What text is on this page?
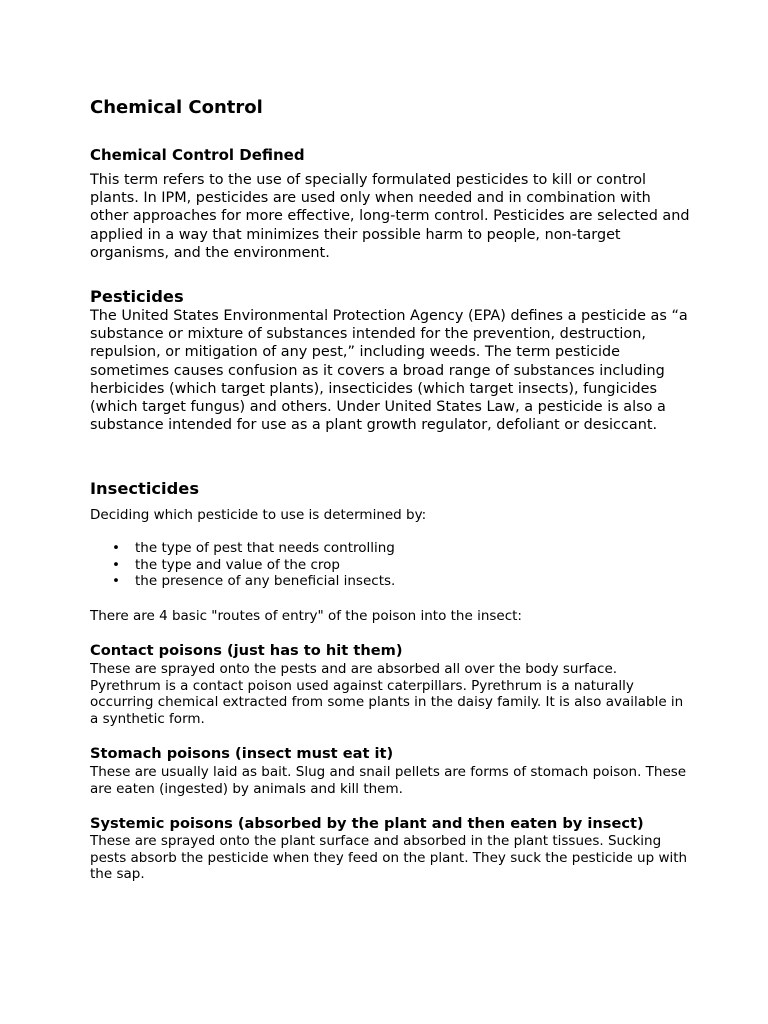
Chemical Control
Chemical Control Defined

This term refers to the use of specially formulated pesticides to kill or control plants. In IPM, pesticides are used only when needed and in combination with other approaches for more effective, long-term control. Pesticides are selected and applied in a way that minimizes their possible harm to people, non-target organisms, and the environment.

Pesticides

The United States Environmental Protection Agency (EPA) defines a pesticide as “a substance or mixture of substances intended for the prevention, destruction, repulsion, or mitigation of any pest,” including weeds. The term pesticide sometimes causes confusion as it covers a broad range of substances including herbicides (which target plants), insecticides (which target insects), fungicides (which target fungus) and others. Under United States Law, a pesticide is also a substance intended for use as a plant growth regulator, defoliant or desiccant.

Insecticides

Deciding which pesticide to use is determined by:

• the type of pest that needs controlling
• the type and value of the crop
• the presence of any beneficial insects.

There are 4 basic "routes of entry" of the poison into the insect:

Contact poisons (just has to hit them)

These are sprayed onto the pests and are absorbed all over the body surface. Pyrethrum is a contact poison used against caterpillars. Pyrethrum is a naturally occurring chemical extracted from some plants in the daisy family. It is also available in a synthetic form.

Stomach poisons (insect must eat it)

These are usually laid as bait. Slug and snail pellets are forms of stomach poison. These are eaten (ingested) by animals and kill them.

Systemic poisons (absorbed by the plant and then eaten by insect)

These are sprayed onto the plant surface and absorbed in the plant tissues. Sucking pests absorb the pesticide when they feed on the plant. They suck the pesticide up with the sap.
